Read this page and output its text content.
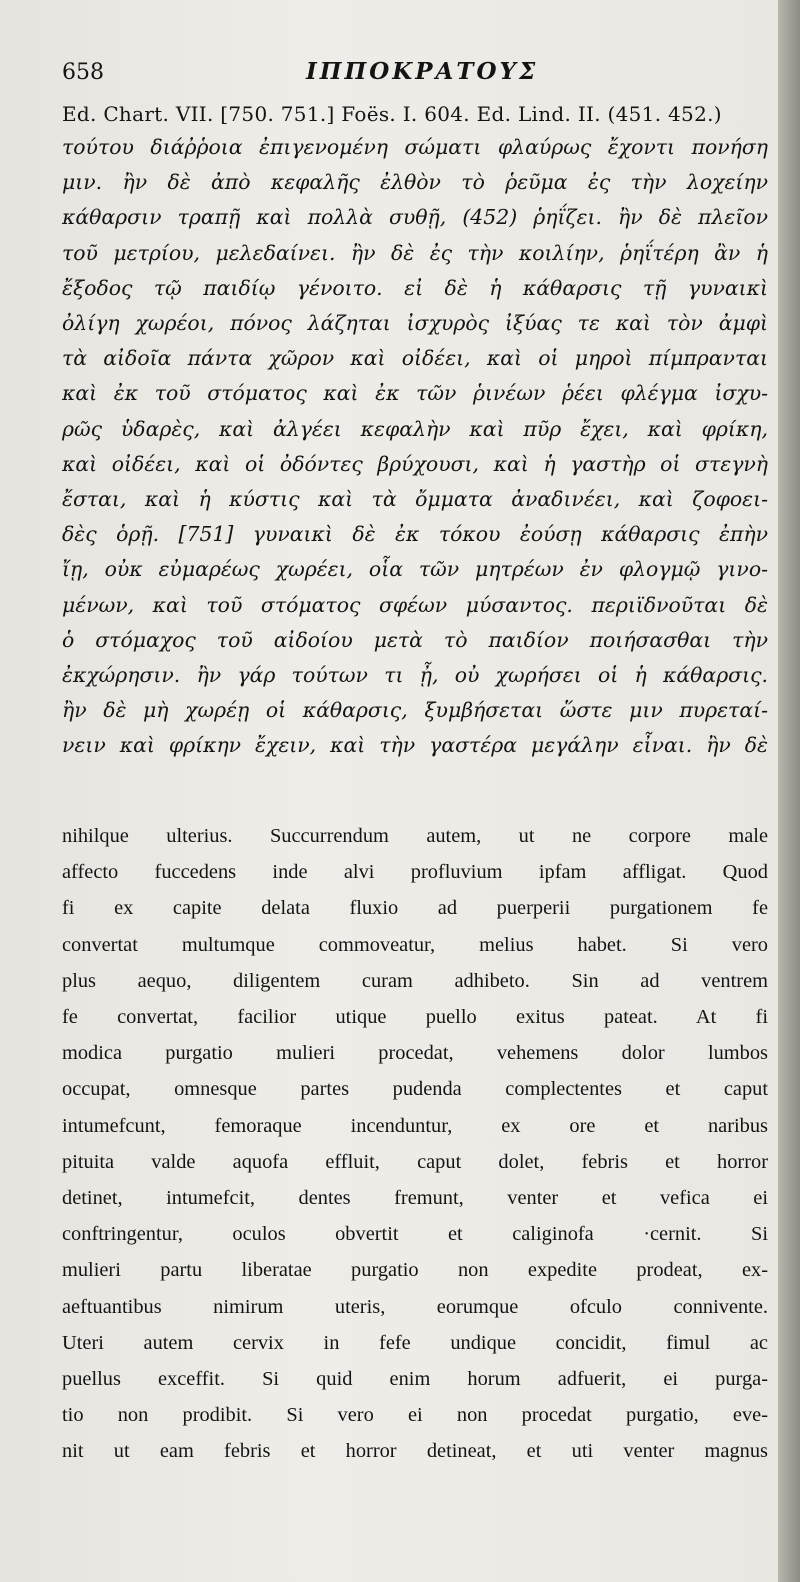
658	ΙΠΠΟΚΡΑΤΟΥΣ
Ed. Chart. VII. [750. 751.] Foës. I. 604. Ed. Lind. II. (451. 452.)
τούτου διάῤῥοια ἐπιγενομένη σώματι φλαύρως ἔχοντι πονήση
μιν. ἢν δὲ ἀπὸ κεφαλῆς ἐλθὸν τὸ ῥεῦμα ἐς τὴν λοχείην
κάθαρσιν τραπῇ καὶ πολλὰ συθῇ, (452) ῥηΐζει. ἢν δὲ πλεῖον
τοῦ μετρίου, μελεδαίνει. ἢν δὲ ἐς τὴν κοιλίην, ῥηΐτέρη ἂν ἡ
ἔξοδος τῷ παιδίῳ γένοιτο. εἰ δὲ ἡ κάθαρσις τῇ γυναικὶ
ὀλίγη χωρέοι, πόνος λάζηται ἰσχυρὸς ἰξύας τε καὶ τὸν ἀμφὶ
τὰ αἰδοῖα πάντα χῶρον καὶ οἰδέει, καὶ οἱ μηροὶ πίμπρανται
καὶ ἐκ τοῦ στόματος καὶ ἐκ τῶν ῥινέων ῥέει φλέγμα ἰσχυ-
ρῶς ὑδαρὲς, καὶ ἀλγέει κεφαλὴν καὶ πῦρ ἔχει, καὶ φρίκη,
καὶ οἰδέει, καὶ οἱ ὀδόντες βρύχουσι, καὶ ἡ γαστὴρ οἱ στεγνὴ
ἔσται, καὶ ἡ κύστις καὶ τὰ ὄμματα ἀναδινέει, καὶ ζοφοει-
δὲς ὁρῇ. [751] γυναικὶ δὲ ἐκ τόκου ἐούσῃ κάθαρσις ἐπὴν
ἴῃ, οὐκ εὐμαρέως χωρέει, οἷα τῶν μητρέων ἐν φλογμῷ γινο-
μένων, καὶ τοῦ στόματος σφέων μύσαντος. περιϊδνοῦται δὲ
ὁ στόμαχος τοῦ αἰδοίου μετὰ τὸ παιδίον ποιήσασθαι τὴν
ἐκχώρησιν. ἢν γάρ τούτων τι ᾖ, οὐ χωρήσει οἱ ἡ κάθαρσις.
ἢν δὲ μὴ χωρέῃ οἱ κάθαρσις, ξυμβήσεται ὥστε μιν πυρεταί-
νειν καὶ φρίκην ἔχειν, καὶ τὴν γαστέρα μεγάλην εἶναι. ἢν δὲ
nihilque ulterius. Succurrendum autem, ut ne corpore male
affecto fuccedens inde alvi profluvium ipfam affligat. Quod
fi ex capite delata fluxio ad puerperii purgationem fe
convertat multumque commoveatur, melius habet. Si vero
plus aequo, diligentem curam adhibeto. Sin ad ventrem
fe convertat, facilior utique puello exitus pateat. At fi
modica purgatio mulieri procedat, vehemens dolor lumbos
occupat, omnesque partes pudenda complectentes et caput
intumefcunt, femoraque incenduntur, ex ore et naribus
pituita valde aquofa effluit, caput dolet, febris et horror
detinet, intumefcit, dentes fremunt, venter et vefica ei
conftringentur, oculos obvertit et caliginofa ·cernit. Si
mulieri partu liberatae purgatio non expedite prodeat, ex-
aeftuantibus nimirum uteris, eorumque ofculo connivente.
Uteri autem cervix in fefe undique concidit, fimul ac
puellus exceffit. Si quid enim horum adfuerit, ei purga-
tio non prodibit. Si vero ei non procedat purgatio, eve-
nit ut eam febris et horror detineat, et uti venter magnus
